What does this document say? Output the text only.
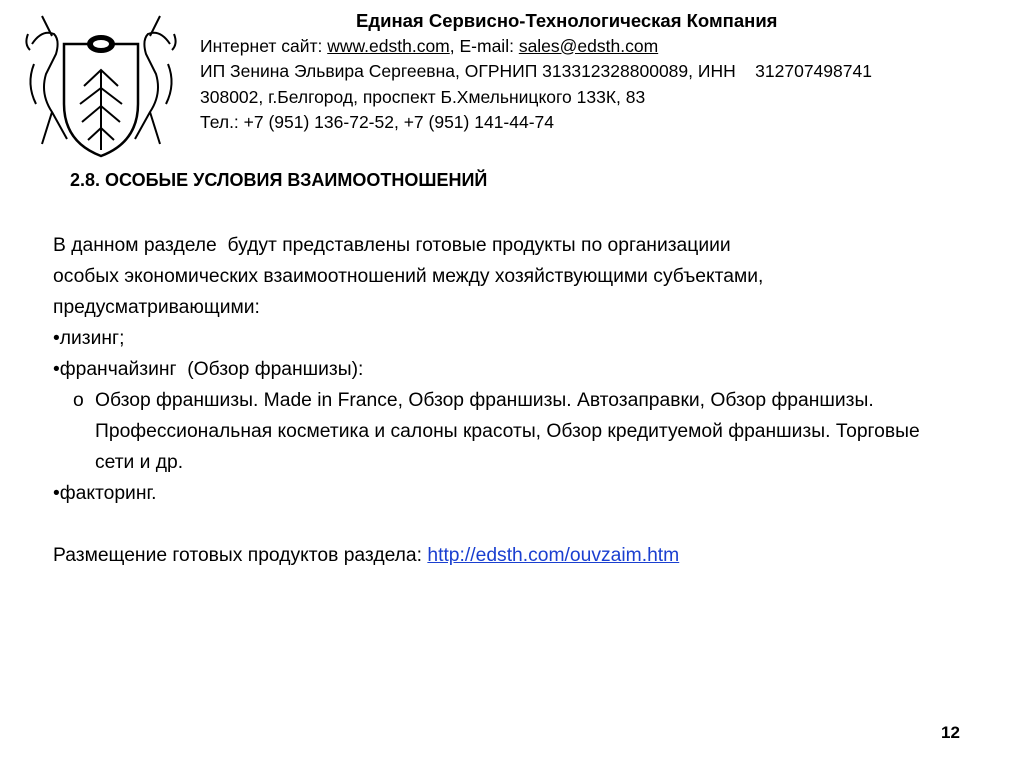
Единая Сервисно-Технологическая Компания
Интернет сайт: www.edsth.com, E-mail: sales@edsth.com
ИП Зенина Эльвира Сергеевна, ОГРНИП 313312328800089, ИНН    312707498741
308002, г.Белгород, проспект Б.Хмельницкого 133К, 83
Тел.: +7 (951) 136-72-52, +7 (951) 141-44-74
2.8. ОСОБЫЕ УСЛОВИЯ ВЗАИМООТНОШЕНИЙ

В данном разделе  будут представлены готовые продукты по организациии

особых экономических взаимоотношений между хозяйствующими субъектами,

предусматривающими:

•лизинг;

•франчайзинг  (Обзор франшизы):

o Обзор франшизы. Made in France, Обзор франшизы. Автозаправки, Обзор франшизы. Профессиональная косметика и салоны красоты, Обзор кредитуемой франшизы. Торговые сети и др.

•факторинг.

Размещение готовых продуктов раздела: http://edsth.com/ouvzaim.htm

12
